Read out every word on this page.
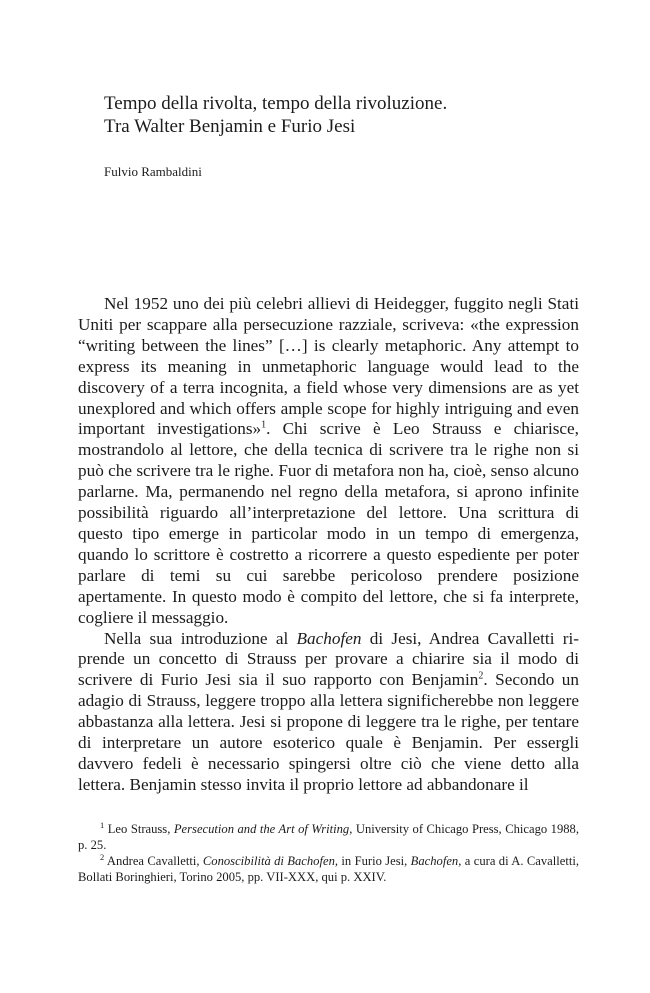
Tempo della rivolta, tempo della rivoluzione.
Tra Walter Benjamin e Furio Jesi
Fulvio Rambaldini

Nel 1952 uno dei più celebri allievi di Heidegger, fuggito negli Stati Uniti per scappare alla persecuzione razziale, scriveva: «the expression “writing between the lines” […] is clearly metaphoric. Any attempt to express its meaning in unmetaphoric language would lead to the discovery of a terra incognita, a field whose very dimensions are as yet unexplored and which offers ample scope for highly intriguing and even important investigations»$^1$. Chi scrive è Leo Strauss e chiarisce, mostrandolo al lettore, che della tecnica di scrivere tra le righe non si può che scrivere tra le righe. Fuor di metafora non ha, cioè, senso alcuno parlarne. Ma, permanendo nel regno della metafora, si aprono infinite possibilità riguardo all’interpretazione del lettore. Una scrittura di questo tipo emerge in particolar modo in un tempo di emergenza, quando lo scrittore è costretto a ricorrere a questo espediente per poter parlare di temi su cui sarebbe pericoloso prendere posizione apertamente. In questo modo è compito del lettore, che si fa interprete, cogliere il messaggio.

Nella sua introduzione al Bachofen di Jesi, Andrea Cavalletti riprende un concetto di Strauss per provare a chiarire sia il modo di scrivere di Furio Jesi sia il suo rapporto con Benjamin$^2$. Secondo un adagio di Strauss, leggere troppo alla lettera significherebbe non leggere abbastanza alla lettera. Jesi si propone di leggere tra le righe, per tentare di interpretare un autore esoterico quale è Benjamin. Per essergli davvero fedeli è necessario spingersi oltre ciò che viene detto alla lettera. Benjamin stesso invita il proprio lettore ad abbandonare il

$^1$ Leo Strauss, Persecution and the Art of Writing, University of Chicago Press, Chicago 1988, p. 25.

$^2$ Andrea Cavalletti, Conoscibilità di Bachofen, in Furio Jesi, Bachofen, a cura di A. Cavalletti, Bollati Boringhieri, Torino 2005, pp. VII-XXX, qui p. XXIV.
